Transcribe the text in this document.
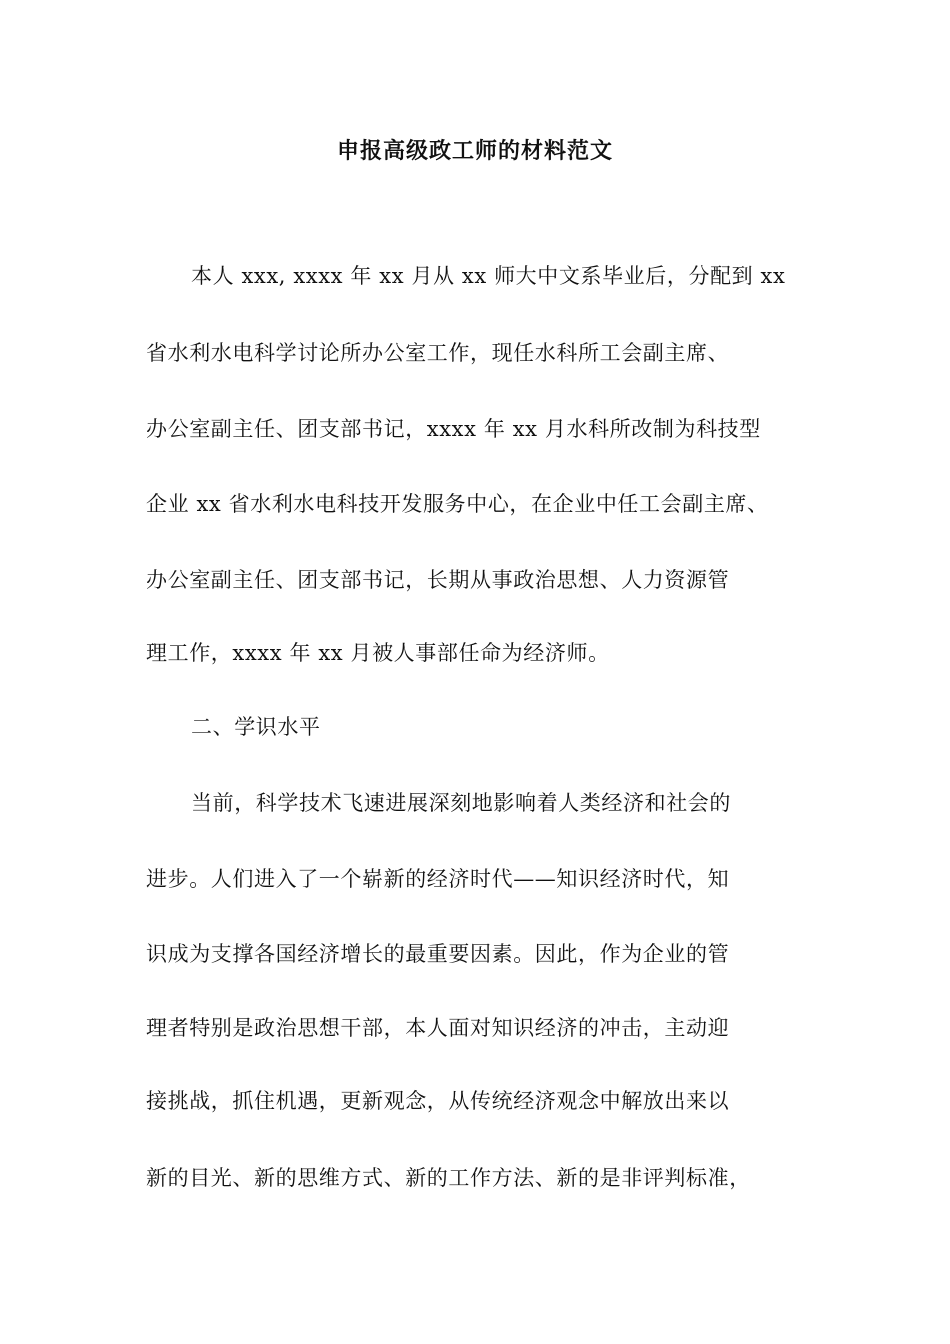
申报高级政工师的材料范文
本人 xxx, xxxx 年 xx 月从 xx 师大中文系毕业后，分配到 xx
省水利水电科学讨论所办公室工作，现任水科所工会副主席、
办公室副主任、团支部书记，xxxx 年 xx 月水科所改制为科技型
企业 xx 省水利水电科技开发服务中心，在企业中任工会副主席、
办公室副主任、团支部书记，长期从事政治思想、人力资源管
理工作，xxxx 年 xx 月被人事部任命为经济师。
二、学识水平
当前，科学技术飞速进展深刻地影响着人类经济和社会的
进步。人们进入了一个崭新的经济时代——知识经济时代，知
识成为支撑各国经济增长的最重要因素。因此，作为企业的管
理者特别是政治思想干部，本人面对知识经济的冲击，主动迎
接挑战，抓住机遇，更新观念，从传统经济观念中解放出来以
新的目光、新的思维方式、新的工作方法、新的是非评判标准，
